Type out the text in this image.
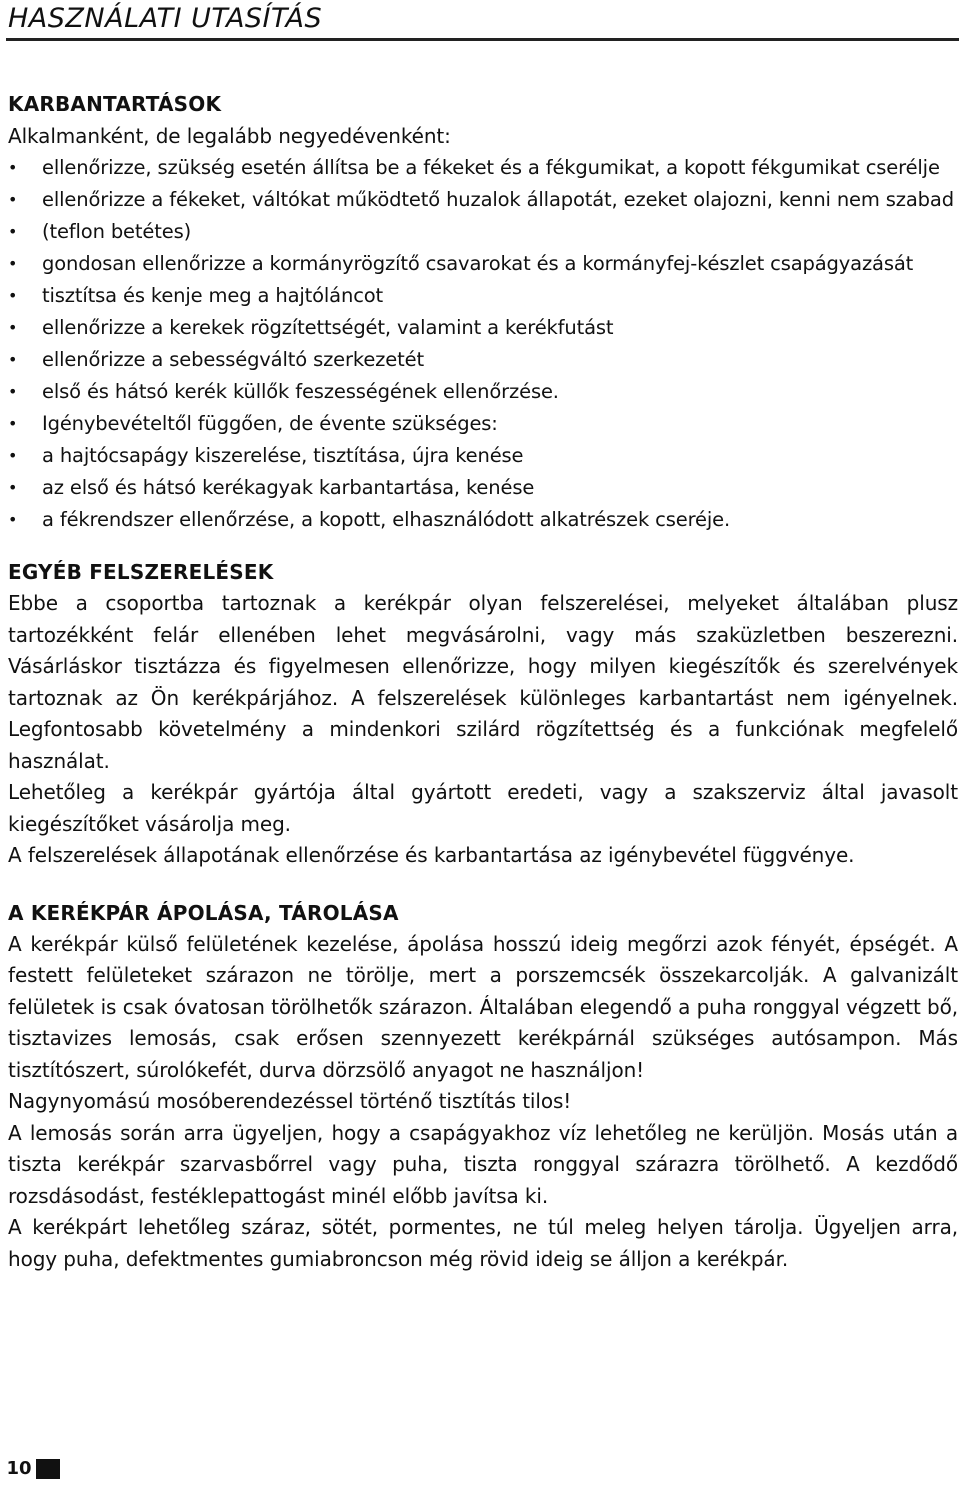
HASZNÁLATI UTASÍTÁS
KARBANTARTÁSOK

Alkalmanként, de legalább negyedévenként:

• ellenőrizze, szükség esetén állítsa be a fékeket és a fékgumikat, a kopott fékgumikat cserélje
• ellenőrizze a fékeket, váltókat működtető huzalok állapotát, ezeket olajozni, kenni nem szabad
• (teflon betétes)
• gondosan ellenőrizze a kormányrögzítő csavarokat és a kormányfej-készlet csapágyazását
• tisztítsa és kenje meg a hajtóláncot
• ellenőrizze a kerekek rögzítettségét, valamint a kerékfutást
• ellenőrizze a sebességváltó szerkezetét
• első és hátsó kerék küllők feszességének ellenőrzése.
• Igénybevételtől függően, de évente szükséges:
• a hajtócsapágy kiszerelése, tisztítása, újra kenése
• az első és hátsó kerékagyak karbantartása, kenése
• a fékrendszer ellenőrzése, a kopott, elhasználódott alkatrészek cseréje.
EGYÉB FELSZERELÉSEK

Ebbe a csoportba tartoznak a kerékpár olyan felszerelései, melyeket általában plusz tartozékként felár ellenében lehet megvásárolni, vagy más szaküzletben beszerezni. Vásárláskor tisztázza és figyelmesen ellenőrizze, hogy milyen kiegészítők és szerelvények tartoznak az Ön kerékpárjához. A felszerelések különleges karbantartást nem igényelnek. Legfontosabb követelmény a mindenkori szilárd rögzítettség és a funkciónak megfelelő használat.

Lehetőleg a kerékpár gyártója által gyártott eredeti, vagy a szakszerviz által javasolt kiegészítőket vásárolja meg.

A felszerelések állapotának ellenőrzése és karbantartása az igénybevétel függvénye.

A KERÉKPÁR ÁPOLÁSA, TÁROLÁSA

A kerékpár külső felületének kezelése, ápolása hosszú ideig megőrzi azok fényét, épségét. A festett felületeket szárazon ne törölje, mert a porszemcsék összekarcolják. A galvanizált felületek is csak óvatosan törölhetők szárazon. Általában elegendő a puha ronggyal végzett bő, tisztavizes lemosás, csak erősen szennyezett kerékpárnál szükséges autósampon. Más tisztítószert, súrolókefét, durva dörzsölő anyagot ne használjon!

Nagynyomású mosóberendezéssel történő tisztítás tilos!

A lemosás során arra ügyeljen, hogy a csapágyakhoz víz lehetőleg ne kerüljön. Mosás után a tiszta kerékpár szarvasbőrrel vagy puha, tiszta ronggyal szárazra törölhető. A kezdődő rozsdásodást, festéklepattogást minél előbb javítsa ki.

A kerékpárt lehetőleg száraz, sötét, pormentes, ne túl meleg helyen tárolja. Ügyeljen arra, hogy puha, defektmentes gumiabroncson még rövid ideig se álljon a kerékpár.

10
